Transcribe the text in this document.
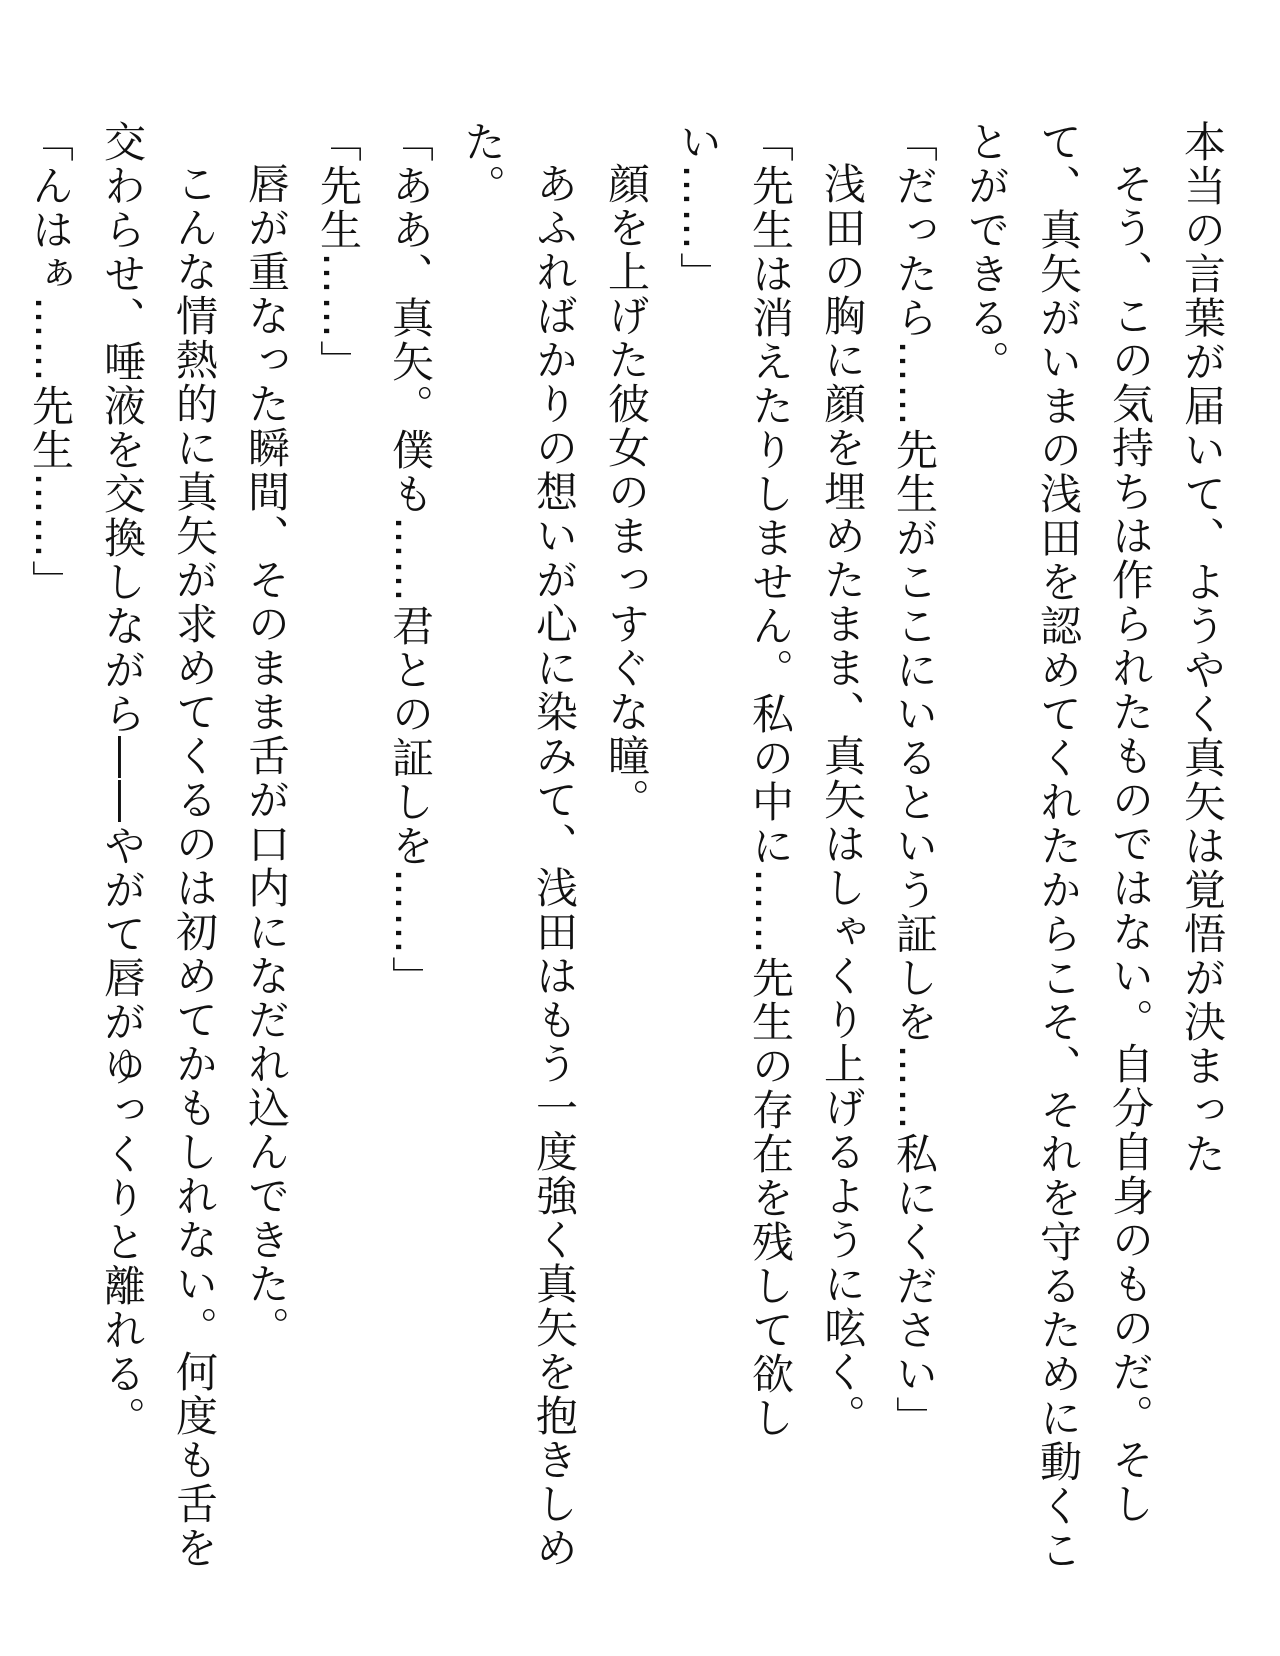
本当の言葉が届いて、ようやく真矢は覚悟が決まった

そう、この気持ちは作られたものではない。自分自身のものだ。そして、真矢がいまの浅田を認めてくれたからこそ、それを守るために動くことができる。

「だったら……先生がここにいるという証しを……私にください」

浅田の胸に顔を埋めたまま、真矢はしゃくり上げるように呟く。

「先生は消えたりしません。私の中に……先生の存在を残して欲しい……」

顔を上げた彼女のまっすぐな瞳。

あふればかりの想いが心に染みて、浅田はもう一度強く真矢を抱きしめた。

「ああ、真矢。僕も……君との証しを……」

「先生……」

唇が重なった瞬間、そのまま舌が口内になだれ込んできた。

こんな情熱的に真矢が求めてくるのは初めてかもしれない。何度も舌を交わらせ、唾液を交換しながら――やがて唇がゆっくりと離れる。

「んはぁ……先生……」
